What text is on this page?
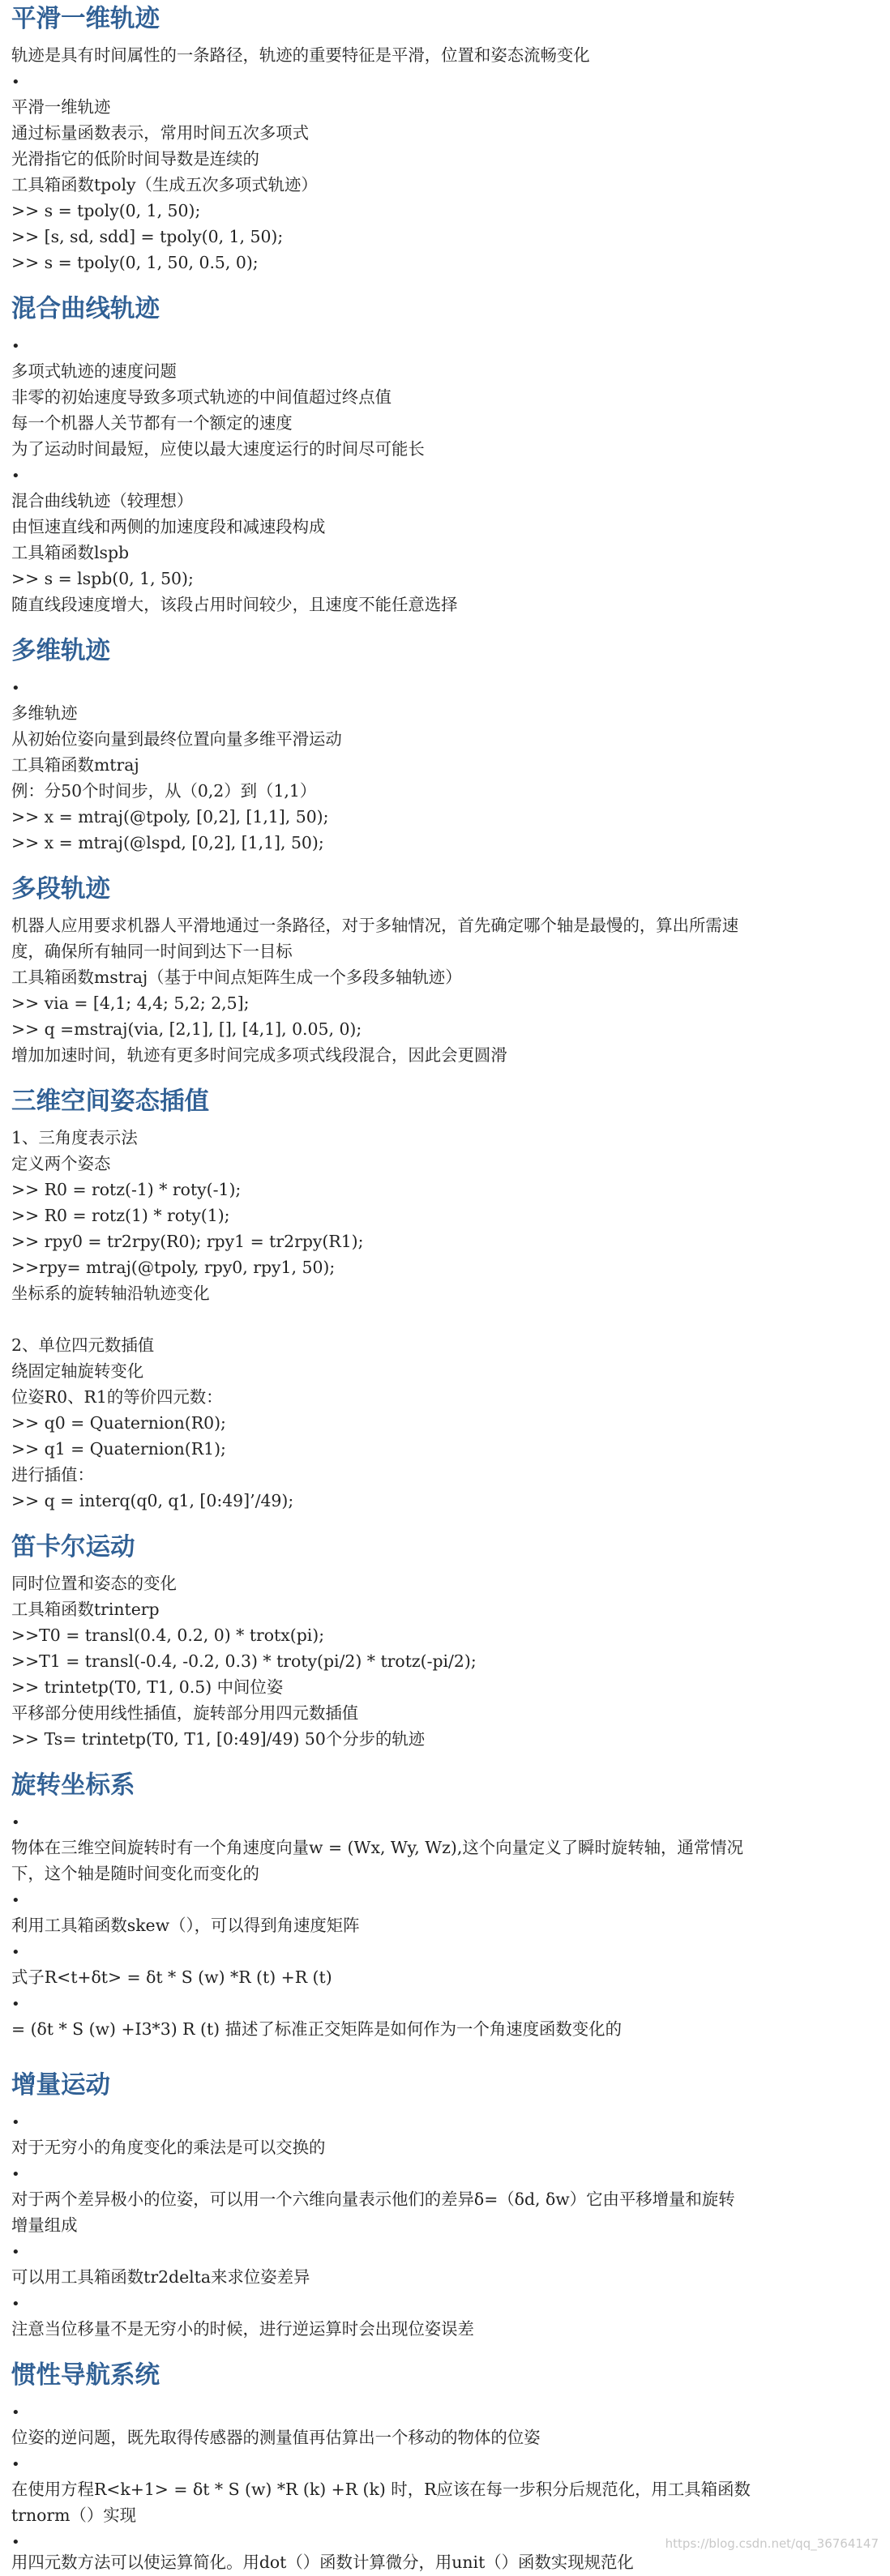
平滑一维轨迹
轨迹是具有时间属性的一条路径，轨迹的重要特征是平滑，位置和姿态流畅变化
•
平滑一维轨迹
通过标量函数表示，常用时间五次多项式
光滑指它的低阶时间导数是连续的
工具箱函数tpoly（生成五次多项式轨迹）
>> s = tpoly(0, 1, 50);
>> [s, sd, sdd] = tpoly(0, 1, 50);
>> s = tpoly(0, 1, 50, 0.5, 0);
混合曲线轨迹
•
多项式轨迹的速度问题
非零的初始速度导致多项式轨迹的中间值超过终点值
每一个机器人关节都有一个额定的速度
为了运动时间最短，应使以最大速度运行的时间尽可能长
•
混合曲线轨迹（较理想）
由恒速直线和两侧的加速度段和减速段构成
工具箱函数lspb
>> s = lspb(0, 1, 50);
随直线段速度增大，该段占用时间较少，且速度不能任意选择
多维轨迹
•
多维轨迹
从初始位姿向量到最终位置向量多维平滑运动
工具箱函数mtraj
例：分50个时间步，从（0,2）到（1,1）
>> x = mtraj(@tpoly, [0,2], [1,1], 50);
>> x = mtraj(@lspd, [0,2], [1,1], 50);
多段轨迹
机器人应用要求机器人平滑地通过一条路径，对于多轴情况，首先确定哪个轴是最慢的，算出所需速
度，确保所有轴同一时间到达下一目标
工具箱函数mstraj（基于中间点矩阵生成一个多段多轴轨迹）
>> via = [4,1; 4,4; 5,2; 2,5];
>> q =mstraj(via, [2,1], [], [4,1], 0.05, 0);
增加加速时间，轨迹有更多时间完成多项式线段混合，因此会更圆滑
三维空间姿态插值
1、三角度表示法
定义两个姿态
>> R0 = rotz(-1) * roty(-1);
>> R0 = rotz(1) * roty(1);
>> rpy0 = tr2rpy(R0); rpy1 = tr2rpy(R1);
>>rpy= mtraj(@tpoly, rpy0, rpy1, 50);
坐标系的旋转轴沿轨迹变化
2、单位四元数插值
绕固定轴旋转变化
位姿R0、R1的等价四元数：
>> q0 = Quaternion(R0);
>> q1 = Quaternion(R1);
进行插值：
>> q = interq(q0, q1, [0:49]’/49);
笛卡尔运动
同时位置和姿态的变化
工具箱函数trinterp
>>T0 = transl(0.4, 0.2, 0) * trotx(pi);
>>T1 = transl(-0.4, -0.2, 0.3) * troty(pi/2) * trotz(-pi/2);
>> trintetp(T0, T1, 0.5) 中间位姿
平移部分使用线性插值，旋转部分用四元数插值
>> Ts= trintetp(T0, T1, [0:49]/49) 50个分步的轨迹
旋转坐标系
•
物体在三维空间旋转时有一个角速度向量w = (Wx, Wy, Wz),这个向量定义了瞬时旋转轴，通常情况
下，这个轴是随时间变化而变化的
•
利用工具箱函数skew（），可以得到角速度矩阵
•
式子R<t+δt> = δt * S (w) *R (t) +R (t)
•
= (δt * S (w) +I3*3) R (t) 描述了标准正交矩阵是如何作为一个角速度函数变化的
增量运动
•
对于无穷小的角度变化的乘法是可以交换的
•
对于两个差异极小的位姿，可以用一个六维向量表示他们的差异δ=（δd, δw）它由平移增量和旋转
增量组成
•
可以用工具箱函数tr2delta来求位姿差异
•
注意当位移量不是无穷小的时候，进行逆运算时会出现位姿误差
惯性导航系统
•
位姿的逆问题，既先取得传感器的测量值再估算出一个移动的物体的位姿
•
在使用方程R<k+1> = δt * S (w) *R (k) +R (k) 时，R应该在每一步积分后规范化，用工具箱函数
trnorm（）实现
•
用四元数方法可以使运算简化。用dot（）函数计算微分，用unit（）函数实现规范化
https://blog.csdn.net/qq_36764147
